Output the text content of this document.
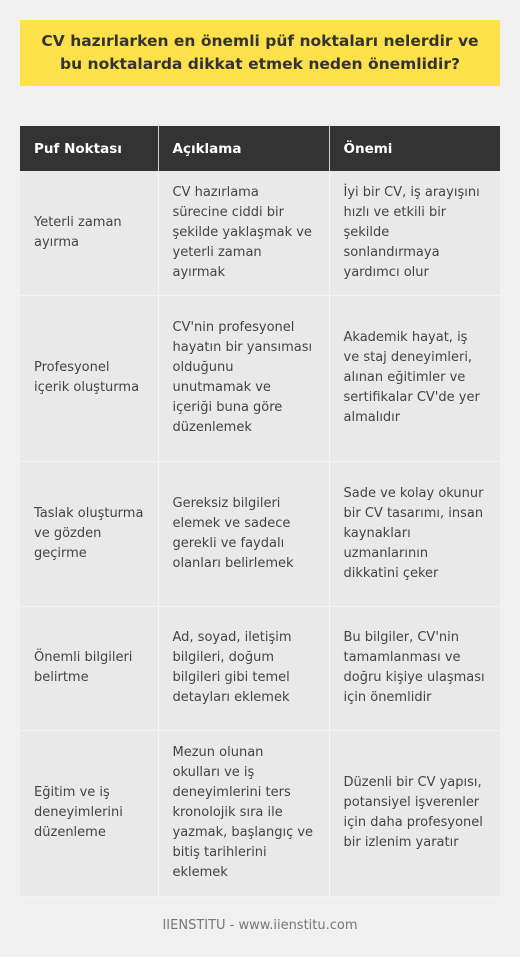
CV hazırlarken en önemli püf noktaları nelerdir ve bu noktalarda dikkat etmek neden önemlidir?
Puf Noktası	Açıklama	Önemi
Yeterli zaman ayırma	CV hazırlama sürecine ciddi bir şekilde yaklaşmak ve yeterli zaman ayırmak	İyi bir CV, iş arayışını hızlı ve etkili bir şekilde sonlandırmaya yardımcı olur
Profesyonel içerik oluşturma	CV'nin profesyonel hayatın bir yansıması olduğunu unutmamak ve içeriği buna göre düzenlemek	Akademik hayat, iş ve staj deneyimleri, alınan eğitimler ve sertifikalar CV'de yer almalıdır
Taslak oluşturma ve gözden geçirme	Gereksiz bilgileri elemek ve sadece gerekli ve faydalı olanları belirlemek	Sade ve kolay okunur bir CV tasarımı, insan kaynakları uzmanlarının dikkatini çeker
Önemli bilgileri belirtme	Ad, soyad, iletişim bilgileri, doğum bilgileri gibi temel detayları eklemek	Bu bilgiler, CV'nin tamamlanması ve doğru kişiye ulaşması için önemlidir
Eğitim ve iş deneyimlerini düzenleme	Mezun olunan okulları ve iş deneyimlerini ters kronolojik sıra ile yazmak, başlangıç ve bitiş tarihlerini eklemek	Düzenli bir CV yapısı, potansiyel işverenler için daha profesyonel bir izlenim yaratır
IIENSTITU - www.iienstitu.com
